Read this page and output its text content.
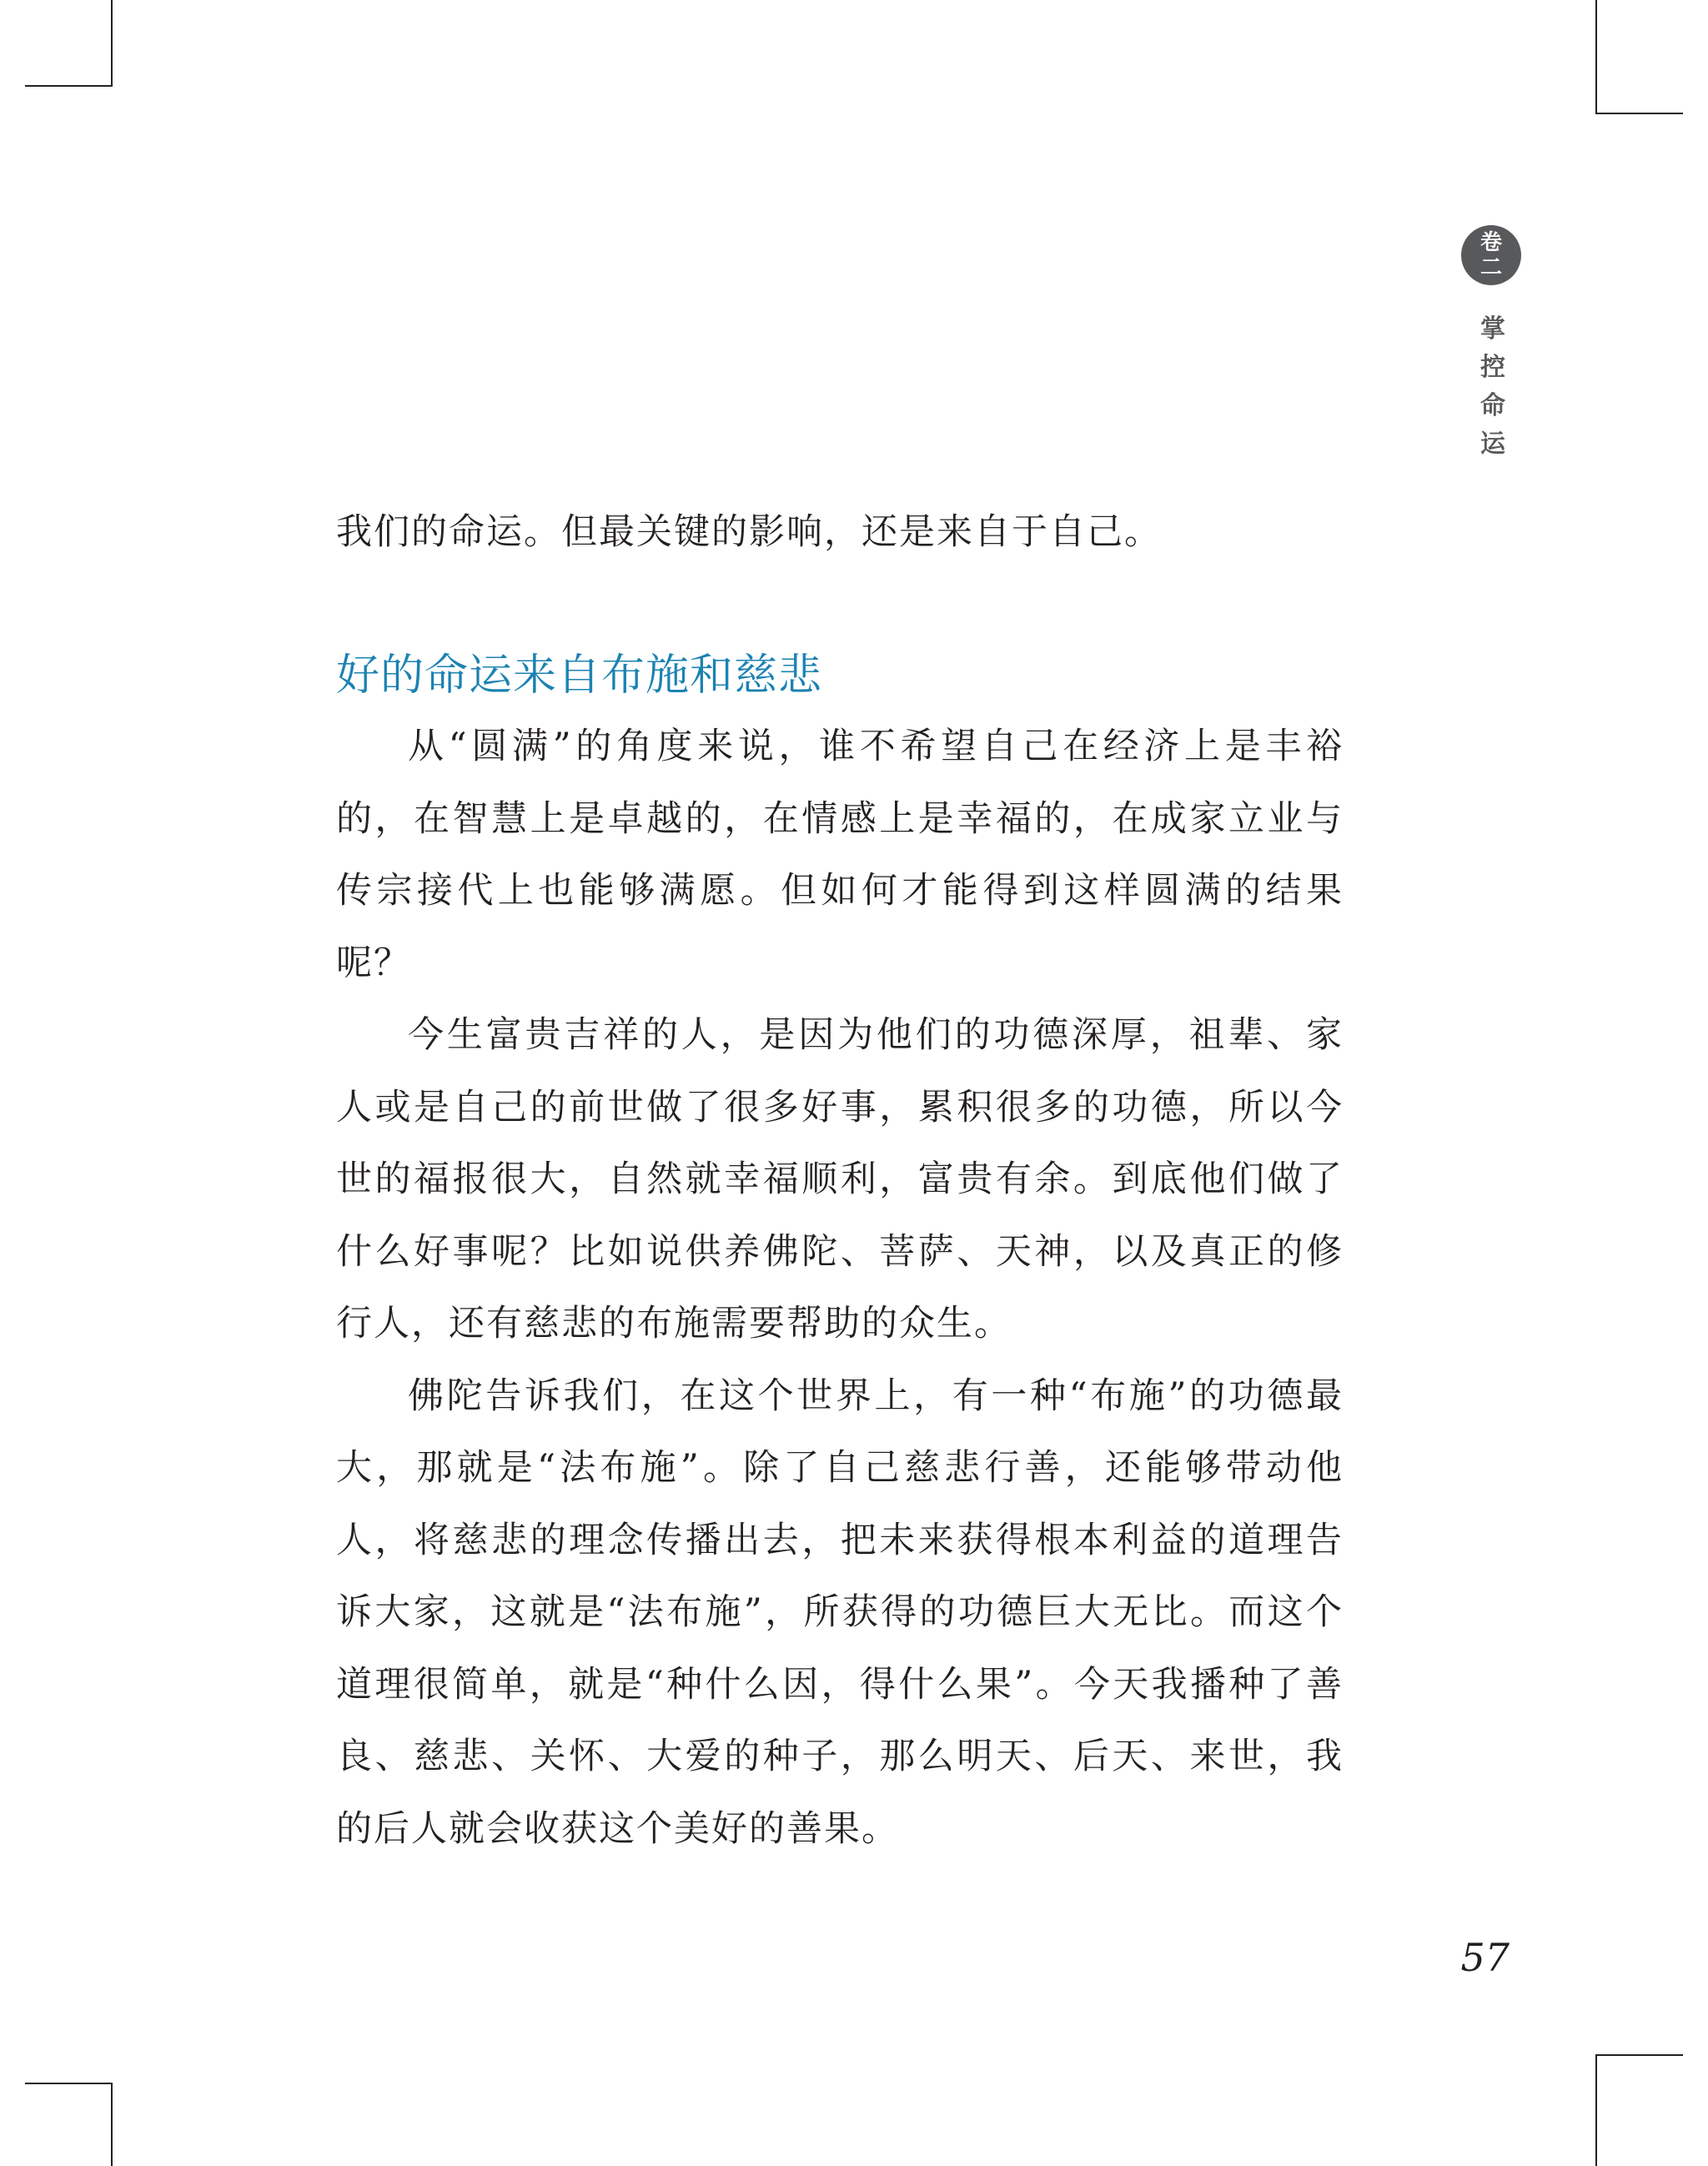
卷
二
掌
控
命
运

我们的命运。但最关键的影响，还是来自于自己。

好的命运来自布施和慈悲

从“圆满”的角度来说，谁不希望自己在经济上是丰裕的，在智慧上是卓越的，在情感上是幸福的，在成家立业与传宗接代上也能够满愿。但如何才能得到这样圆满的结果呢？

今生富贵吉祥的人，是因为他们的功德深厚，祖辈、家人或是自己的前世做了很多好事，累积很多的功德，所以今世的福报很大，自然就幸福顺利，富贵有余。到底他们做了什么好事呢？比如说供养佛陀、菩萨、天神，以及真正的修行人，还有慈悲的布施需要帮助的众生。

佛陀告诉我们，在这个世界上，有一种“布施”的功德最大，那就是“法布施”。除了自己慈悲行善，还能够带动他人，将慈悲的理念传播出去，把未来获得根本利益的道理告诉大家，这就是“法布施”，所获得的功德巨大无比。而这个道理很简单，就是“种什么因，得什么果”。今天我播种了善良、慈悲、关怀、大爱的种子，那么明天、后天、来世，我的后人就会收获这个美好的善果。

57
